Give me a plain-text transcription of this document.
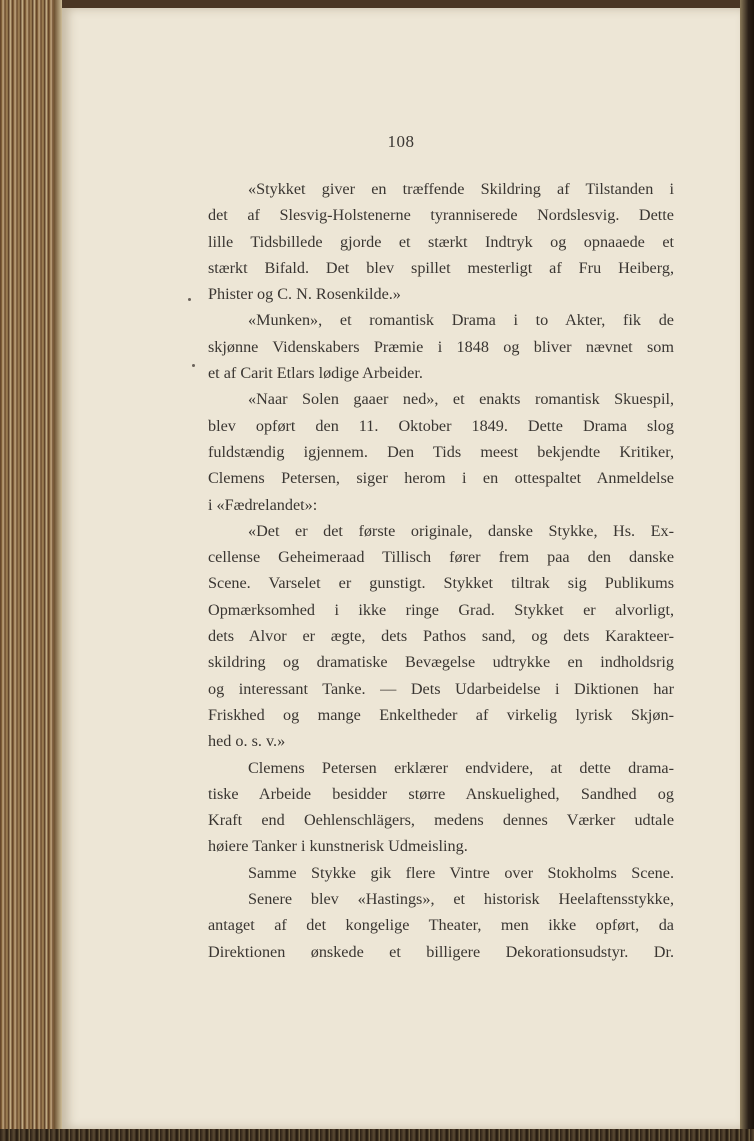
108
«Stykket giver en træffende Skildring af Tilstanden i
det af Slesvig-Holstenerne tyranniserede Nordslesvig. Dette
lille Tidsbillede gjorde et stærkt Indtryk og opnaaede et
stærkt Bifald. Det blev spillet mesterligt af Fru Heiberg,
Phister og C. N. Rosenkilde.»
«Munken», et romantisk Drama i to Akter, fik de
skjønne Videnskabers Præmie i 1848 og bliver nævnet som
et af Carit Etlars lødige Arbeider.
«Naar Solen gaaer ned», et enakts romantisk Skuespil,
blev opført den 11. Oktober 1849. Dette Drama slog
fuldstændig igjennem. Den Tids meest bekjendte Kritiker,
Clemens Petersen, siger herom i en ottespaltet Anmeldelse
i «Fædrelandet»:
«Det er det første originale, danske Stykke, Hs. Ex-
cellense Geheimeraad Tillisch fører frem paa den danske
Scene. Varselet er gunstigt. Stykket tiltrak sig Publikums
Opmærksomhed i ikke ringe Grad. Stykket er alvorligt,
dets Alvor er ægte, dets Pathos sand, og dets Karakteer-
skildring og dramatiske Bevægelse udtrykke en indholdsrig
og interessant Tanke. — Dets Udarbeidelse i Diktionen har
Friskhed og mange Enkeltheder af virkelig lyrisk Skjøn-
hed o. s. v.»
Clemens Petersen erklærer endvidere, at dette drama-
tiske Arbeide besidder større Anskuelighed, Sandhed og
Kraft end Oehlenschlägers, medens dennes Værker udtale
høiere Tanker i kunstnerisk Udmeisling.
Samme Stykke gik flere Vintre over Stokholms Scene.
Senere blev «Hastings», et historisk Heelaftensstykke,
antaget af det kongelige Theater, men ikke opført, da
Direktionen ønskede et billigere Dekorationsudstyr. Dr.
